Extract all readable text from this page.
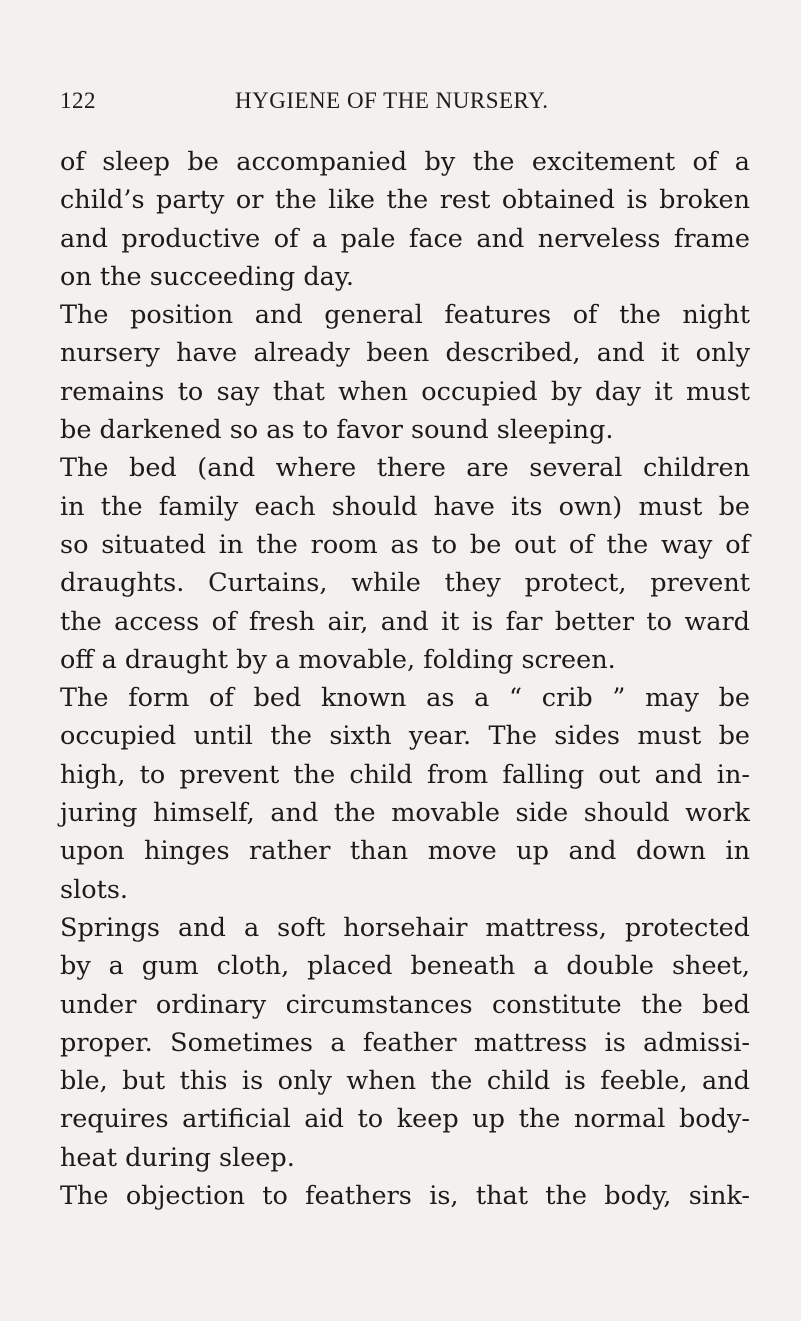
122	HYGIENE OF THE NURSERY.
of sleep be accompanied by the excitement of a
child’s party or the like the rest obtained is broken
and productive of a pale face and nerveless frame
on the succeeding day.
The position and general features of the night
nursery have already been described, and it only
remains to say that when occupied by day it must
be darkened so as to favor sound sleeping.
The bed (and where there are several children
in the family each should have its own) must be
so situated in the room as to be out of the way of
draughts. Curtains, while they protect, prevent
the access of fresh air, and it is far better to ward
off a draught by a movable, folding screen.
The form of bed known as a “ crib ” may be
occupied until the sixth year. The sides must be
high, to prevent the child from falling out and in-
juring himself, and the movable side should work
upon hinges rather than move up and down in
slots.
Springs and a soft horsehair mattress, protected
by a gum cloth, placed beneath a double sheet,
under ordinary circumstances constitute the bed
proper. Sometimes a feather mattress is admissi-
ble, but this is only when the child is feeble, and
requires artificial aid to keep up the normal body-
heat during sleep.
The objection to feathers is, that the body, sink-
